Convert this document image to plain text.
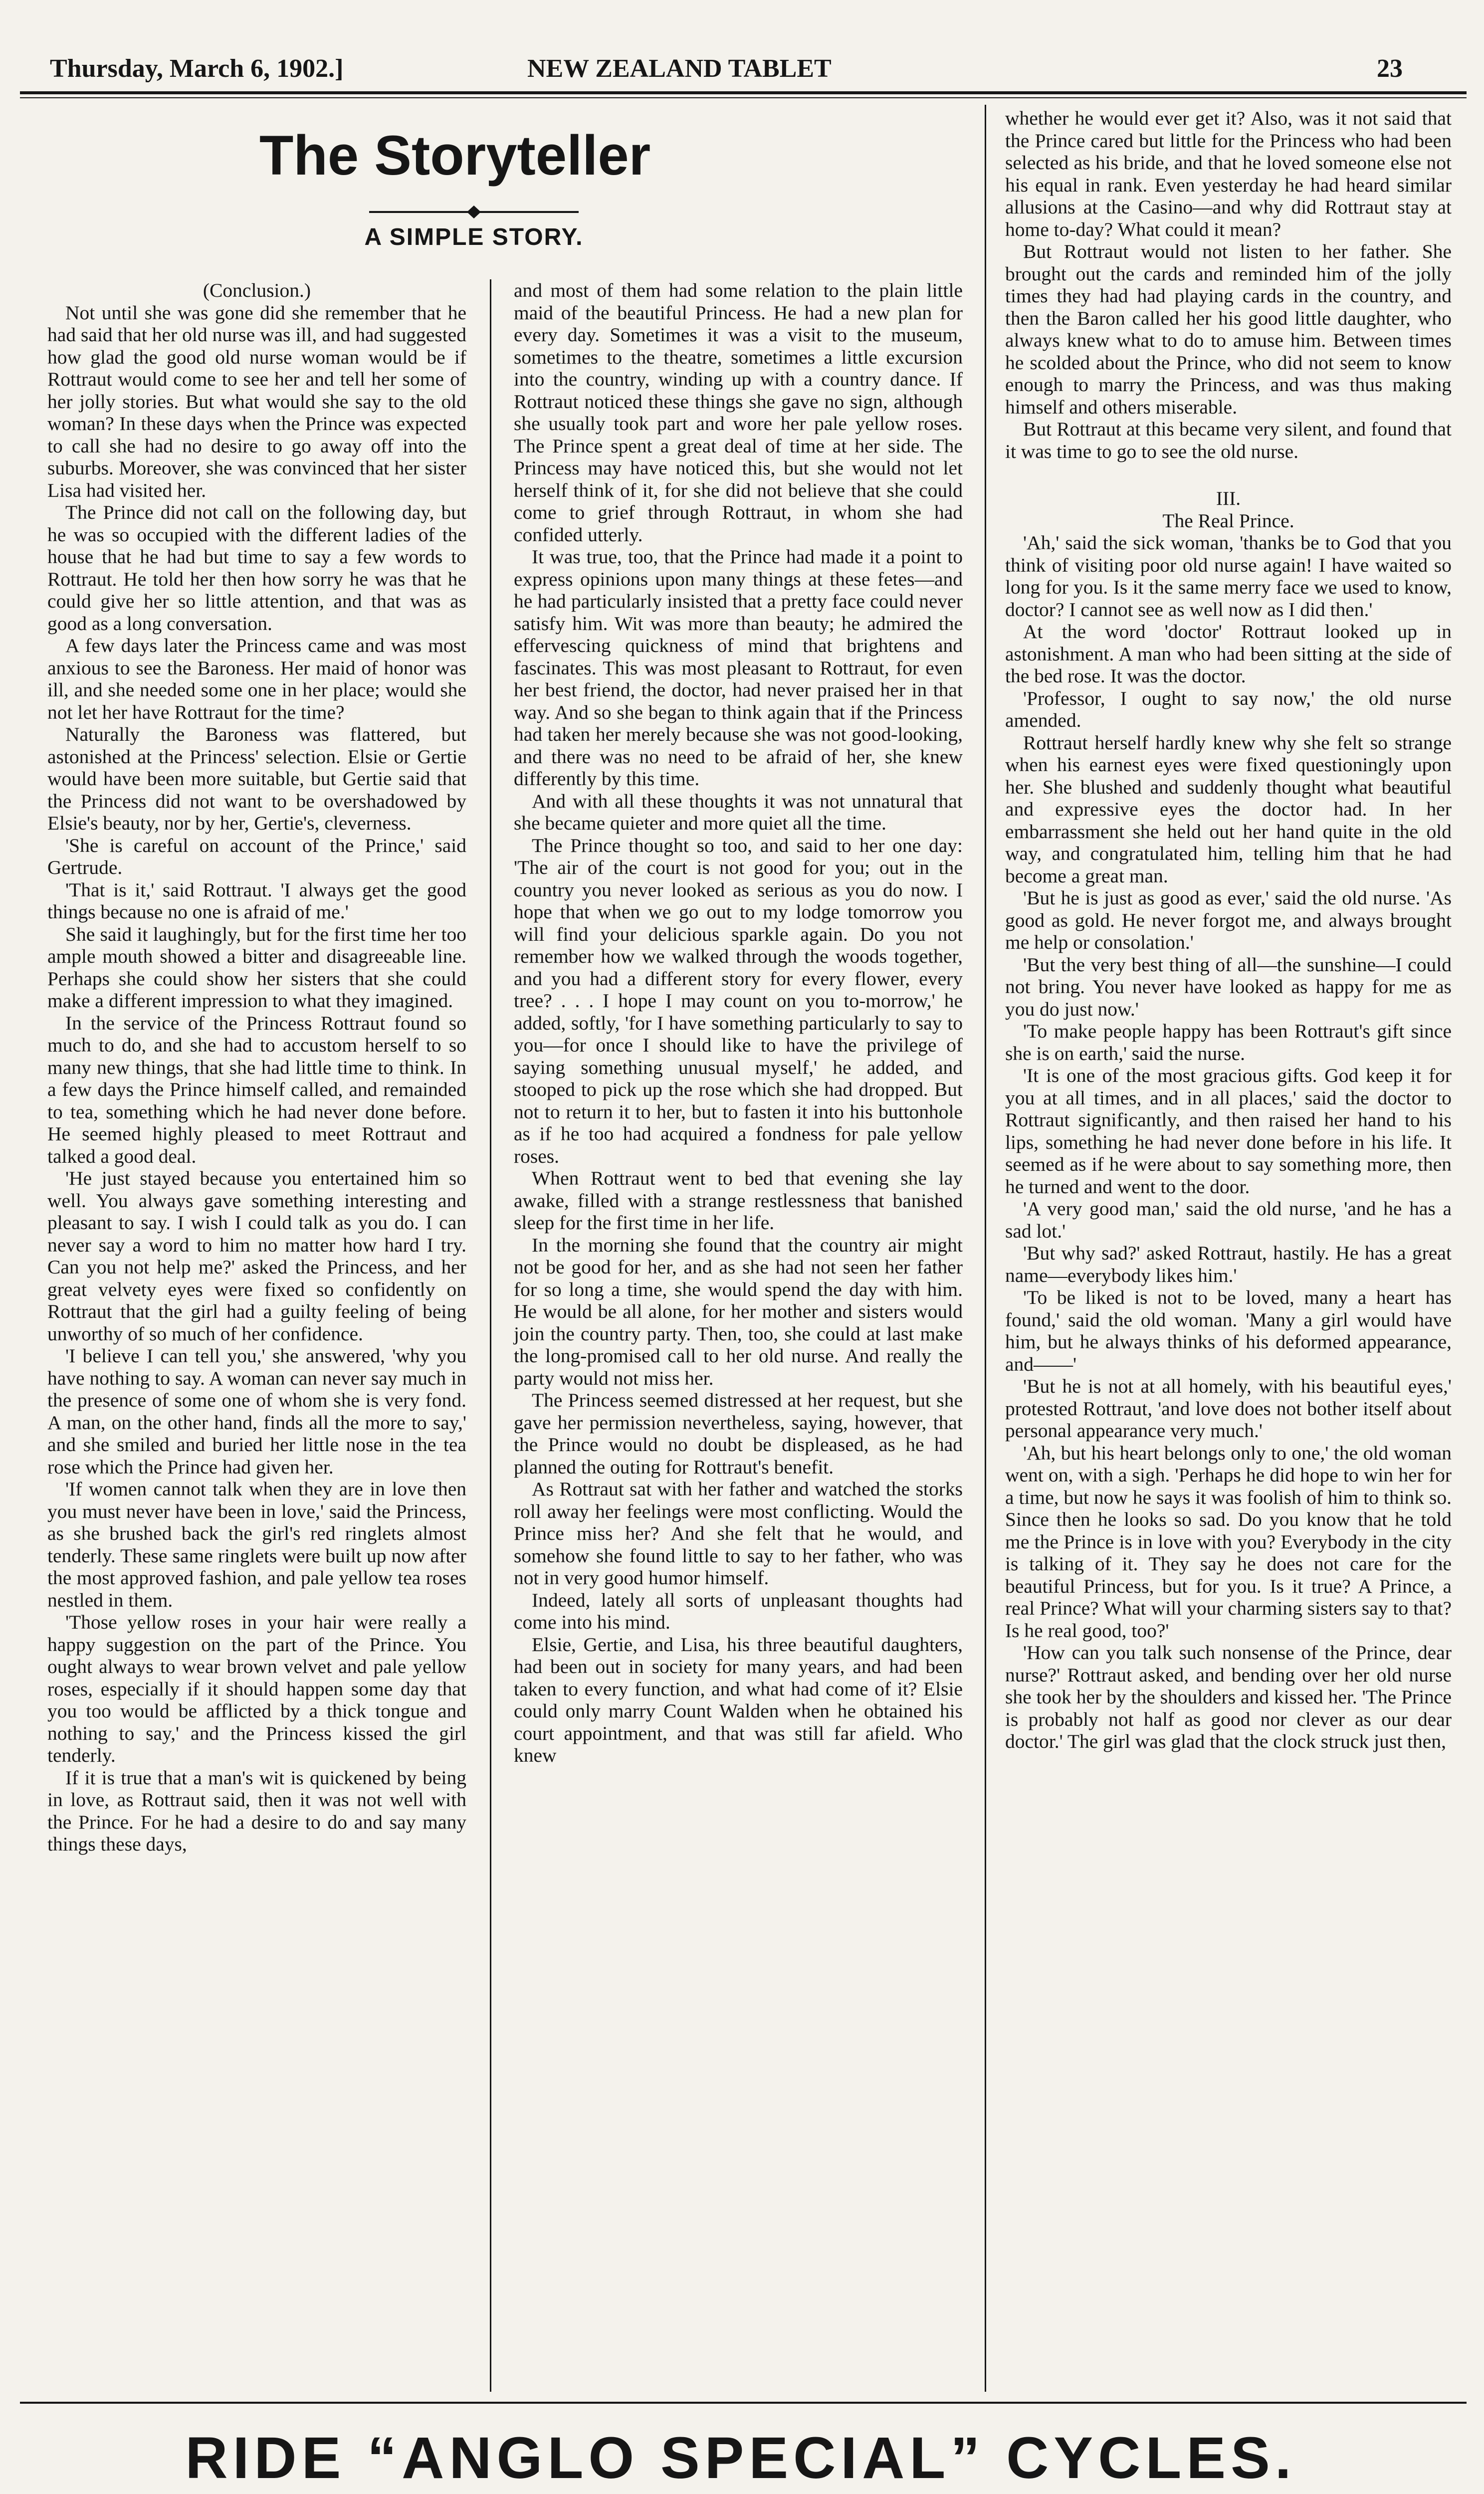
Thursday, March 6, 1902.]	NEW ZEALAND TABLET	23
The Storyteller
A SIMPLE STORY.

(Conclusion.)

Not until she was gone did she remember that he had said that her old nurse was ill, and had suggested how glad the good old nurse woman would be if Rottraut would come to see her and tell her some of her jolly stories. But what would she say to the old woman? In these days when the Prince was expected to call she had no desire to go away off into the suburbs. Moreover, she was convinced that her sister Lisa had visited her.

The Prince did not call on the following day, but he was so occupied with the different ladies of the house that he had but time to say a few words to Rottraut. He told her then how sorry he was that he could give her so little attention, and that was as good as a long conversation.

A few days later the Princess came and was most anxious to see the Baroness. Her maid of honor was ill, and she needed some one in her place; would she not let her have Rottraut for the time?

Naturally the Baroness was flattered, but astonished at the Princess' selection. Elsie or Gertie would have been more suitable, but Gertie said that the Princess did not want to be overshadowed by Elsie's beauty, nor by her, Gertie's, cleverness.

'She is careful on account of the Prince,' said Gertrude.

'That is it,' said Rottraut. 'I always get the good things because no one is afraid of me.'

She said it laughingly, but for the first time her too ample mouth showed a bitter and disagreeable line. Perhaps she could show her sisters that she could make a different impression to what they imagined.

In the service of the Princess Rottraut found so much to do, and she had to accustom herself to so many new things, that she had little time to think. In a few days the Prince himself called, and remainded to tea, something which he had never done before. He seemed highly pleased to meet Rottraut and talked a good deal.

'He just stayed because you entertained him so well. You always gave something interesting and pleasant to say. I wish I could talk as you do. I can never say a word to him no matter how hard I try. Can you not help me?' asked the Princess, and her great velvety eyes were fixed so confidently on Rottraut that the girl had a guilty feeling of being unworthy of so much of her confidence.

'I believe I can tell you,' she answered, 'why you have nothing to say. A woman can never say much in the presence of some one of whom she is very fond. A man, on the other hand, finds all the more to say,' and she smiled and buried her little nose in the tea rose which the Prince had given her.

'If women cannot talk when they are in love then you must never have been in love,' said the Princess, as she brushed back the girl's red ringlets almost tenderly. These same ringlets were built up now after the most approved fashion, and pale yellow tea roses nestled in them.

'Those yellow roses in your hair were really a happy suggestion on the part of the Prince. You ought always to wear brown velvet and pale yellow roses, especially if it should happen some day that you too would be afflicted by a thick tongue and nothing to say,' and the Princess kissed the girl tenderly.

If it is true that a man's wit is quickened by being in love, as Rottraut said, then it was not well with the Prince. For he had a desire to do and say many things these days,

and most of them had some relation to the plain little maid of the beautiful Princess. He had a new plan for every day. Sometimes it was a visit to the museum, sometimes to the theatre, sometimes a little excursion into the country, winding up with a country dance. If Rottraut noticed these things she gave no sign, although she usually took part and wore her pale yellow roses. The Prince spent a great deal of time at her side. The Princess may have noticed this, but she would not let herself think of it, for she did not believe that she could come to grief through Rottraut, in whom she had confided utterly.

It was true, too, that the Prince had made it a point to express opinions upon many things at these fetes—and he had particularly insisted that a pretty face could never satisfy him. Wit was more than beauty; he admired the effervescing quickness of mind that brightens and fascinates. This was most pleasant to Rottraut, for even her best friend, the doctor, had never praised her in that way. And so she began to think again that if the Princess had taken her merely because she was not good-looking, and there was no need to be afraid of her, she knew differently by this time.

And with all these thoughts it was not unnatural that she became quieter and more quiet all the time.

The Prince thought so too, and said to her one day: 'The air of the court is not good for you; out in the country you never looked as serious as you do now. I hope that when we go out to my lodge tomorrow you will find your delicious sparkle again. Do you not remember how we walked through the woods together, and you had a different story for every flower, every tree? . . . I hope I may count on you to-morrow,' he added, softly, 'for I have something particularly to say to you—for once I should like to have the privilege of saying something unusual myself,' he added, and stooped to pick up the rose which she had dropped. But not to return it to her, but to fasten it into his buttonhole as if he too had acquired a fondness for pale yellow roses.

When Rottraut went to bed that evening she lay awake, filled with a strange restlessness that banished sleep for the first time in her life.

In the morning she found that the country air might not be good for her, and as she had not seen her father for so long a time, she would spend the day with him. He would be all alone, for her mother and sisters would join the country party. Then, too, she could at last make the long-promised call to her old nurse. And really the party would not miss her.

The Princess seemed distressed at her request, but she gave her permission nevertheless, saying, however, that the Prince would no doubt be displeased, as he had planned the outing for Rottraut's benefit.

As Rottraut sat with her father and watched the storks roll away her feelings were most conflicting. Would the Prince miss her? And she felt that he would, and somehow she found little to say to her father, who was not in very good humor himself.

Indeed, lately all sorts of unpleasant thoughts had come into his mind.

Elsie, Gertie, and Lisa, his three beautiful daughters, had been out in society for many years, and had been taken to every function, and what had come of it? Elsie could only marry Count Walden when he obtained his court appointment, and that was still far afield. Who knew

whether he would ever get it? Also, was it not said that the Prince cared but little for the Princess who had been selected as his bride, and that he loved someone else not his equal in rank. Even yesterday he had heard similar allusions at the Casino—and why did Rottraut stay at home to-day? What could it mean?

But Rottraut would not listen to her father. She brought out the cards and reminded him of the jolly times they had had playing cards in the country, and then the Baron called her his good little daughter, who always knew what to do to amuse him. Between times he scolded about the Prince, who did not seem to know enough to marry the Princess, and was thus making himself and others miserable.

But Rottraut at this became very silent, and found that it was time to go to see the old nurse.

III.

The Real Prince.

'Ah,' said the sick woman, 'thanks be to God that you think of visiting poor old nurse again! I have waited so long for you. Is it the same merry face we used to know, doctor? I cannot see as well now as I did then.'

At the word 'doctor' Rottraut looked up in astonishment. A man who had been sitting at the side of the bed rose. It was the doctor.

'Professor, I ought to say now,' the old nurse amended.

Rottraut herself hardly knew why she felt so strange when his earnest eyes were fixed questioningly upon her. She blushed and suddenly thought what beautiful and expressive eyes the doctor had. In her embarrassment she held out her hand quite in the old way, and congratulated him, telling him that he had become a great man.

'But he is just as good as ever,' said the old nurse. 'As good as gold. He never forgot me, and always brought me help or consolation.'

'But the very best thing of all—the sunshine—I could not bring. You never have looked as happy for me as you do just now.'

'To make people happy has been Rottraut's gift since she is on earth,' said the nurse.

'It is one of the most gracious gifts. God keep it for you at all times, and in all places,' said the doctor to Rottraut significantly, and then raised her hand to his lips, something he had never done before in his life. It seemed as if he were about to say something more, then he turned and went to the door.

'A very good man,' said the old nurse, 'and he has a sad lot.'

'But why sad?' asked Rottraut, hastily. He has a great name—everybody likes him.'

'To be liked is not to be loved, many a heart has found,' said the old woman. 'Many a girl would have him, but he always thinks of his deformed appearance, and——'

'But he is not at all homely, with his beautiful eyes,' protested Rottraut, 'and love does not bother itself about personal appearance very much.'

'Ah, but his heart belongs only to one,' the old woman went on, with a sigh. 'Perhaps he did hope to win her for a time, but now he says it was foolish of him to think so. Since then he looks so sad. Do you know that he told me the Prince is in love with you? Everybody in the city is talking of it. They say he does not care for the beautiful Princess, but for you. Is it true? A Prince, a real Prince? What will your charming sisters say to that? Is he real good, too?'

'How can you talk such nonsense of the Prince, dear nurse?' Rottraut asked, and bending over her old nurse she took her by the shoulders and kissed her. 'The Prince is probably not half as good nor clever as our dear doctor.' The girl was glad that the clock struck just then,

RIDE “ANGLO SPECIAL” CYCLES.
